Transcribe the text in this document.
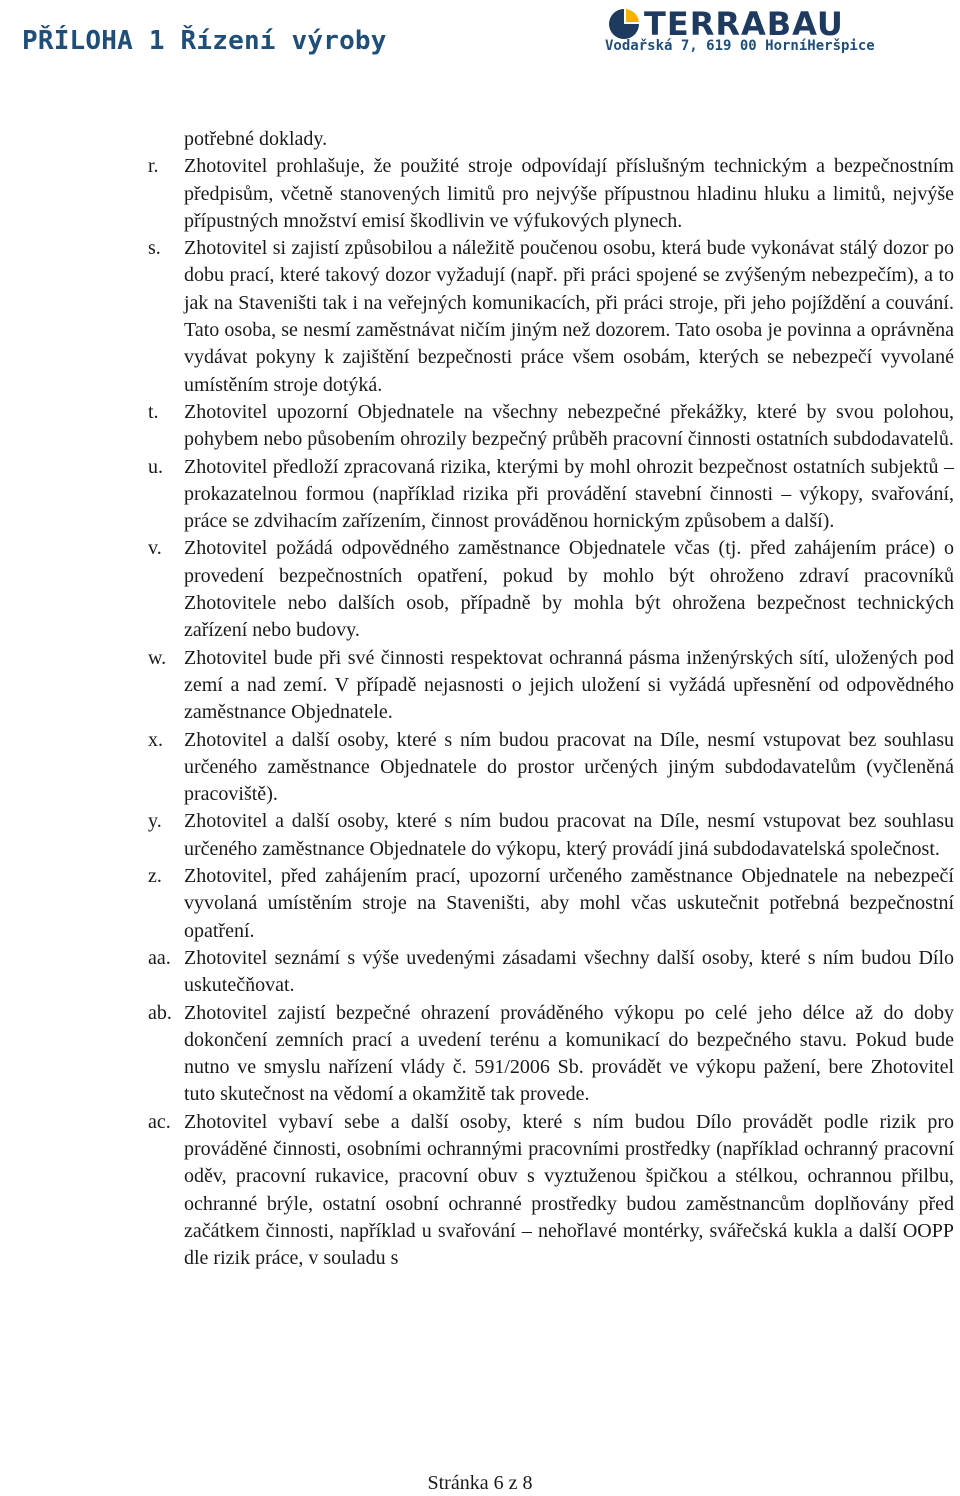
PŘÍLOHA 1 Řízení výroby	TERRABAU
Vodařská 7, 619 00 HorníHeršpice
potřebné doklady.
r.	Zhotovitel prohlašuje, že použité stroje odpovídají příslušným technickým a bezpečnostním předpisům, včetně stanovených limitů pro nejvýše přípustnou hladinu hluku a limitů, nejvýše přípustných množství emisí škodlivin ve výfukových plynech.
s.	Zhotovitel si zajistí způsobilou a náležitě poučenou osobu, která bude vykonávat stálý dozor po dobu prací, které takový dozor vyžadují (např. při práci spojené se zvýšeným nebezpečím), a to jak na Staveništi tak i na veřejných komunikacích, při práci stroje, při jeho pojíždění a couvání. Tato osoba, se nesmí zaměstnávat ničím jiným než dozorem. Tato osoba je povinna a oprávněna vydávat pokyny k zajištění bezpečnosti práce všem osobám, kterých se nebezpečí vyvolané umístěním stroje dotýká.
t.	Zhotovitel upozorní Objednatele na všechny nebezpečné překážky, které by svou polohou, pohybem nebo působením ohrozily bezpečný průběh pracovní činnosti ostatních subdodavatelů.
u.	Zhotovitel předloží zpracovaná rizika, kterými by mohl ohrozit bezpečnost ostatních subjektů – prokazatelnou formou (například rizika při provádění stavební činnosti – výkopy, svařování, práce se zdvihacím zařízením, činnost prováděnou hornickým způsobem a další).
v.	Zhotovitel požádá odpovědného zaměstnance Objednatele včas (tj. před zahájením práce) o provedení bezpečnostních opatření, pokud by mohlo být ohroženo zdraví pracovníků Zhotovitele nebo dalších osob, případně by mohla být ohrožena bezpečnost technických zařízení nebo budovy.
w. Zhotovitel bude při své činnosti respektovat ochranná pásma inženýrských sítí, uložených pod zemí a nad zemí. V případě nejasnosti o jejich uložení si vyžádá upřesnění od odpovědného zaměstnance Objednatele.
x.	Zhotovitel a další osoby, které s ním budou pracovat na Díle, nesmí vstupovat bez souhlasu určeného zaměstnance Objednatele do prostor určených jiným subdodavatelům (vyčleněná pracoviště).
y.	Zhotovitel a další osoby, které s ním budou pracovat na Díle, nesmí vstupovat bez souhlasu určeného zaměstnance Objednatele do výkopu, který provádí jiná subdodavatelská společnost.
z.	Zhotovitel, před zahájením prací, upozorní určeného zaměstnance Objednatele na nebezpečí vyvolaná umístěním stroje na Staveništi, aby mohl včas uskutečnit potřebná bezpečnostní opatření.
aa. Zhotovitel seznámí s výše uvedenými zásadami všechny další osoby, které s ním budou Dílo uskutečňovat.
ab. Zhotovitel zajistí bezpečné ohrazení prováděného výkopu po celé jeho délce až do doby dokončení zemních prací a uvedení terénu a komunikací do bezpečného stavu. Pokud bude nutno ve smyslu nařízení vlády č. 591/2006 Sb. provádět ve výkopu pažení, bere Zhotovitel tuto skutečnost na vědomí a okamžitě tak provede.
ac. Zhotovitel vybaví sebe a další osoby, které s ním budou Dílo provádět podle rizik pro prováděné činnosti, osobními ochrannými pracovními prostředky (například ochranný pracovní oděv, pracovní rukavice, pracovní obuv s vyztuženou špičkou a stélkou, ochrannou přilbu, ochranné brýle, ostatní osobní ochranné prostředky budou zaměstnancům doplňovány před začátkem činnosti, například u svařování – nehořlavé montérky, svářečská kukla a další OOPP dle rizik práce, v souladu s
Stránka 6 z 8
